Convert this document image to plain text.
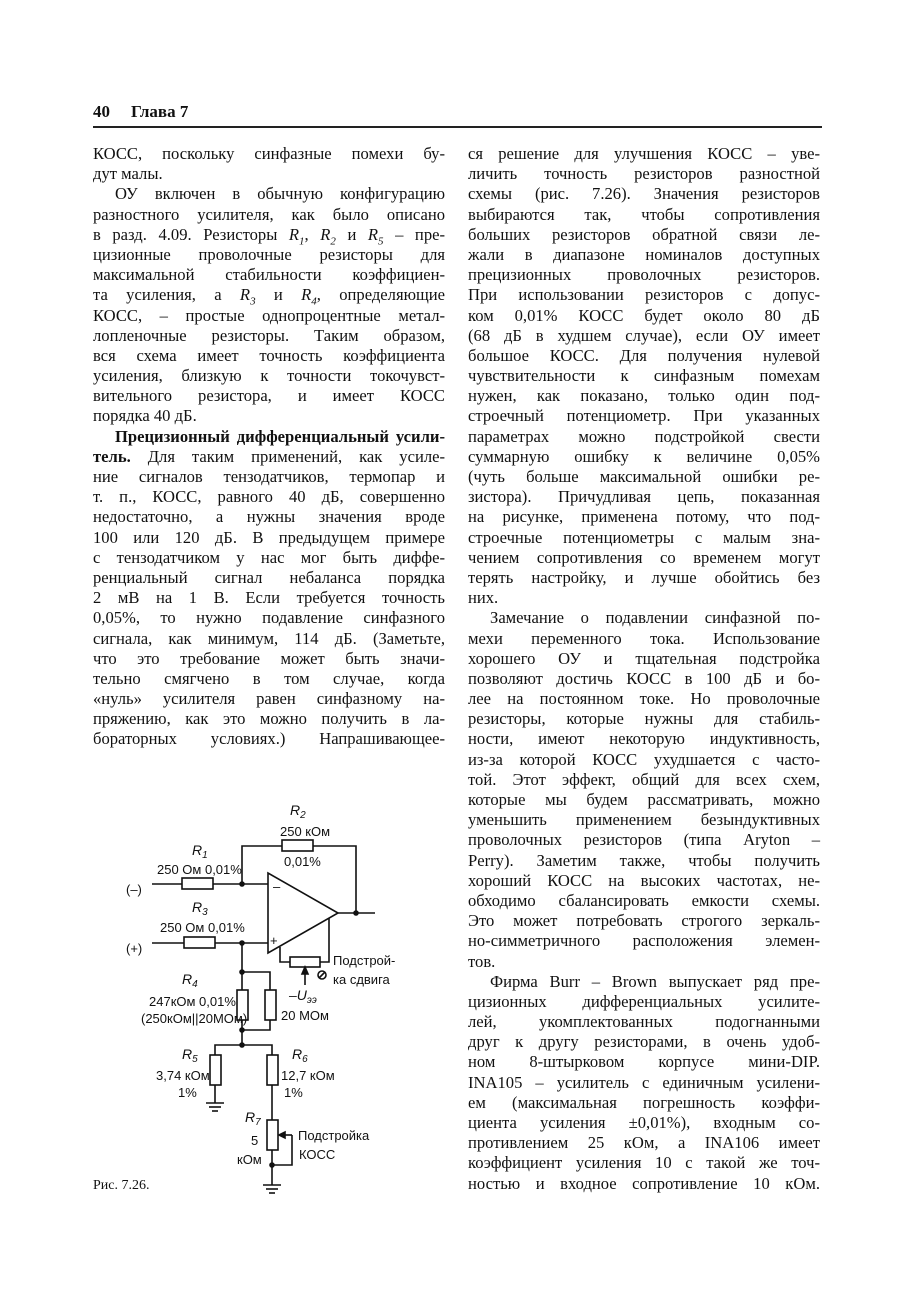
40 Глава 7
КОСС, поскольку синфазные помехи бу-
дут малы.
ОУ включен в обычную конфигурацию
разностного усилителя, как было описано
в разд. 4.09. Резисторы $R_1$, $R_2$ и $R_5 - пре-$
цизионные проволочные резисторы для
максимальной стабильности коэффициен-
та усиления, а $R_3$ и $R_4$, определяющие
КОСС, – простые однопроцентные метал-
лопленочные резисторы. Таким образом,
вся схема имеет точность коэффициента
усиления, близкую к точности токочувст-
вительного резистора, и имеет КОСС
порядка 40 дБ.
Прецизионный дифференциальный усили-
тель. Для таким применений, как усиле-
ние сигналов тензодатчиков, термопар и
т. п., КОСС, равного 40 дБ, совершенно
недостаточно, а нужны значения вроде
100 или 120 дБ. В предыдущем примере
с тензодатчиком у нас мог быть диффе-
ренциальный сигнал небаланса порядка
2 мВ на 1 В. Если требуется точность
0,05%, то нужно подавление синфазного
сигнала, как минимум, 114 дБ. (Заметьте,
что это требование может быть значи-
тельно смягчено в том случае, когда
«нуль» усилителя равен синфазному на-
пряжению, как это можно получить в ла-
бораторных условиях.) Напрашивающее-
ся решение для улучшения КОСС – уве-
личить точность резисторов разностной
схемы (рис. 7.26). Значения резисторов
выбираются так, чтобы сопротивления
больших резисторов обратной связи ле-
жали в диапазоне номиналов доступных
прецизионных проволочных резисторов.
При использовании резисторов с допус-
ком 0,01% КОСС будет около 80 дБ
(68 дБ в худшем случае), если ОУ имеет
большое КОСС. Для получения нулевой
чувствительности к синфазным помехам
нужен, как показано, только один под-
строечный потенциометр. При указанных
параметрах можно подстройкой свести
суммарную ошибку к величине 0,05%
(чуть больше максимальной ошибки ре-
зистора). Причудливая цепь, показанная
на рисунке, применена потому, что под-
строечные потенциометры с малым зна-
чением сопротивления со временем могут
терять настройку, и лучше обойтись без
них.
Замечание о подавлении синфазной по-
мехи переменного тока. Использование
хорошего ОУ и тщательная подстройка
позволяют достичь КОСС в 100 дБ и бо-
лее на постоянном токе. Но проволочные
резисторы, которые нужны для стабиль-
ности, имеют некоторую индуктивность,
из-за которой КОСС ухудшается с часто-
той. Этот эффект, общий для всех схем,
которые мы будем рассматривать, можно
уменьшить применением безындуктивных
проволочных резисторов (типа Aryton –
Perry). Заметим также, чтобы получить
хороший КОСС на высоких частотах, не-
обходимо сбалансировать емкости схемы.
Это может потребовать строгого зеркаль-
но-симметричного расположения элемен-
тов.
Фирма Burr – Brown выпускает ряд пре-
цизионных дифференциальных усилите-
лей, укомплектованных подогнанными
друг к другу резисторами, в очень удоб-
ном 8-штырковом корпусе мини-DIP.
INA105 – усилитель с единичным усилени-
ем (максимальная погрешность коэффи-
циента усиления ±0,01%), входным со-
противлением 25 кОм, а INA106 имеет
коэффициент усиления 10 с такой же точ-
ностью и входное сопротивление 10 кОм.
$R_2$
250 кОм
0,01%
$R_1$
250 Ом 0,01%
(–)	–
+
$R_3$
250 Ом 0,01%
(+)
Подстрой-
ка сдвига
$-U_{ээ}$
20 МОм
$R_4$
247кОм 0,01%
(250кОм||20МОм)
$R_5$
3,74 кОм
1%
$R_6$
12,7 кОм
1%
$R_7$
5
кОм
Подстройка
КОСС
Рис. 7.26.
